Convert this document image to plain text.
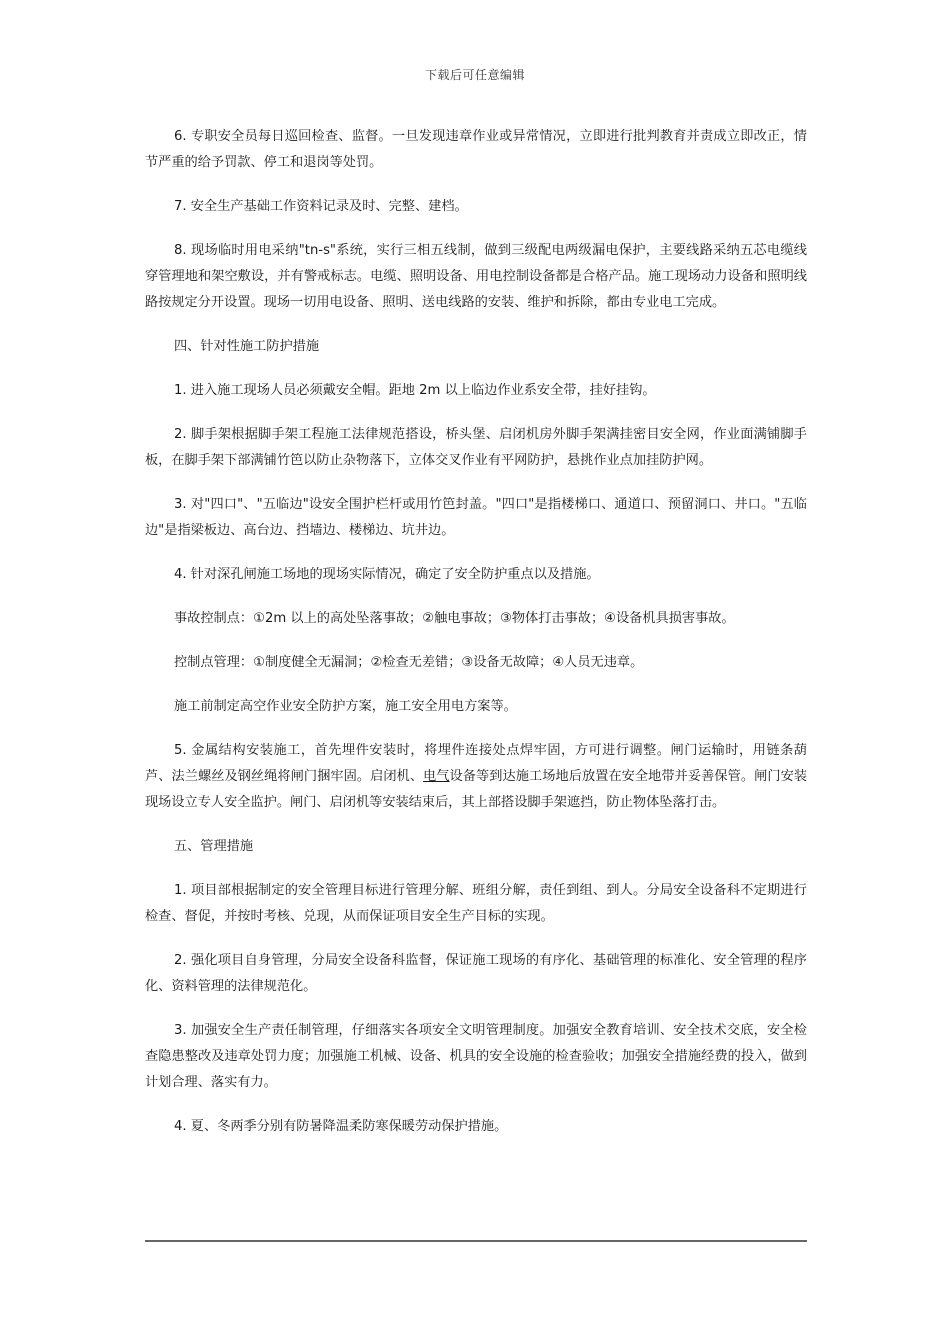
下载后可任意编辑

6. 专职安全员每日巡回检查、监督。一旦发现违章作业或异常情况，立即进行批判教育并责成立即改正，情节严重的给予罚款、停工和退岗等处罚。

7. 安全生产基础工作资料记录及时、完整、建档。

8. 现场临时用电采纳"tn-s"系统，实行三相五线制，做到三级配电两级漏电保护，主要线路采纳五芯电缆线穿管理地和架空敷设，并有警戒标志。电缆、照明设备、用电控制设备都是合格产品。施工现场动力设备和照明线路按规定分开设置。现场一切用电设备、照明、送电线路的安装、维护和拆除，都由专业电工完成。

四、针对性施工防护措施

1. 进入施工现场人员必须戴安全帽。距地 2m 以上临边作业系安全带，挂好挂钩。

2. 脚手架根据脚手架工程施工法律规范搭设，桥头堡、启闭机房外脚手架满挂密目安全网，作业面满铺脚手板，在脚手架下部满铺竹笆以防止杂物落下，立体交叉作业有平网防护，悬挑作业点加挂防护网。

3. 对"四口"、"五临边"设安全围护栏杆或用竹笆封盖。"四口"是指楼梯口、通道口、预留洞口、井口。"五临边"是指梁板边、高台边、挡墙边、楼梯边、坑井边。

4. 针对深孔闸施工场地的现场实际情况，确定了安全防护重点以及措施。

事故控制点：①2m 以上的高处坠落事故；②触电事故；③物体打击事故；④设备机具损害事故。

控制点管理：①制度健全无漏洞；②检查无差错；③设备无故障；④人员无违章。

施工前制定高空作业安全防护方案，施工安全用电方案等。

5. 金属结构安装施工，首先埋件安装时，将埋件连接处点焊牢固，方可进行调整。闸门运输时，用链条葫芦、法兰螺丝及钢丝绳将闸门捆牢固。启闭机、电气设备等到达施工场地后放置在安全地带并妥善保管。闸门安装现场设立专人安全监护。闸门、启闭机等安装结束后，其上部搭设脚手架遮挡，防止物体坠落打击。

五、管理措施

1. 项目部根据制定的安全管理目标进行管理分解、班组分解，责任到组、到人。分局安全设备科不定期进行检查、督促，并按时考核、兑现，从而保证项目安全生产目标的实现。

2. 强化项目自身管理，分局安全设备科监督，保证施工现场的有序化、基础管理的标准化、安全管理的程序化、资料管理的法律规范化。

3. 加强安全生产责任制管理，仔细落实各项安全文明管理制度。加强安全教育培训、安全技术交底，安全检查隐患整改及违章处罚力度；加强施工机械、设备、机具的安全设施的检查验收；加强安全措施经费的投入，做到计划合理、落实有力。

4. 夏、冬两季分别有防暑降温柔防寒保暖劳动保护措施。
